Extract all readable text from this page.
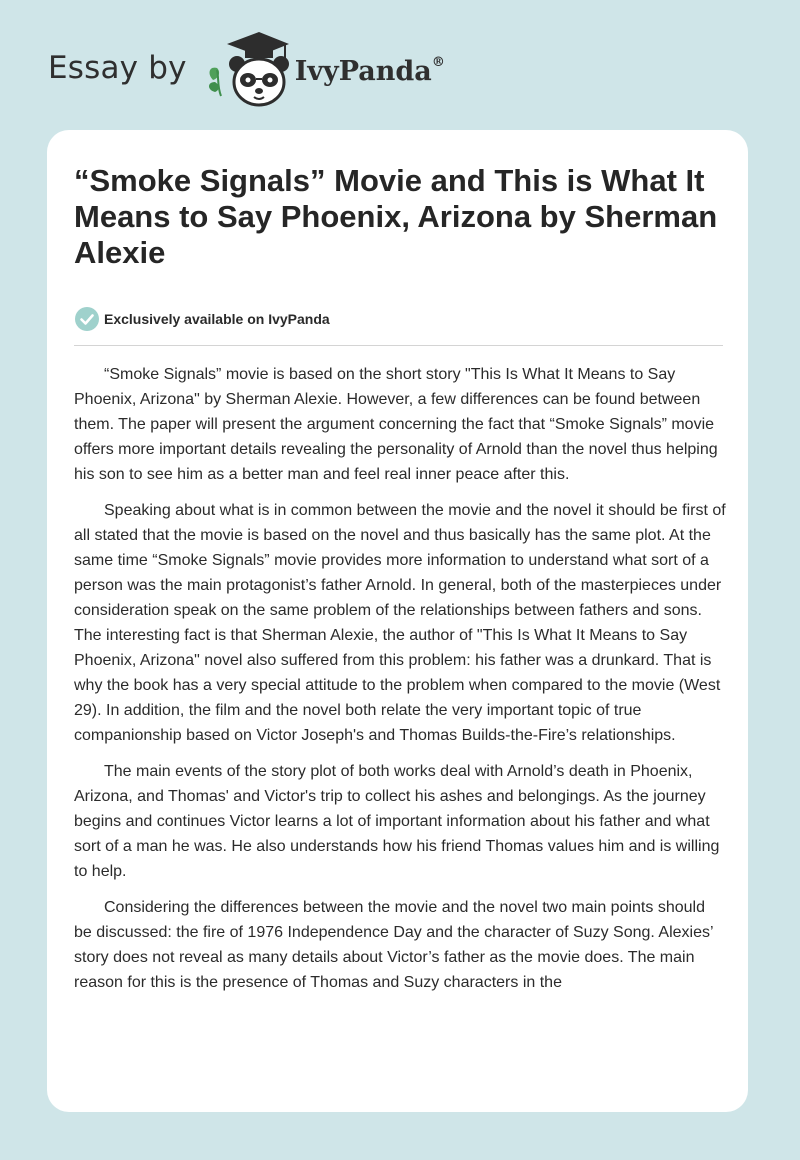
Essay by	IvyPanda®
“Smoke Signals” Movie and This is What It Means to Say Phoenix, Arizona by Sherman Alexie
Exclusively available on IvyPanda

“Smoke Signals” movie is based on the short story "This Is What It Means to Say Phoenix, Arizona" by Sherman Alexie. However, a few differences can be found between them. The paper will present the argument concerning the fact that “Smoke Signals” movie offers more important details revealing the personality of Arnold than the novel thus helping his son to see him as a better man and feel real inner peace after this.

Speaking about what is in common between the movie and the novel it should be first of all stated that the movie is based on the novel and thus basically has the same plot. At the same time “Smoke Signals” movie provides more information to understand what sort of a person was the main protagonist’s father Arnold. In general, both of the masterpieces under consideration speak on the same problem of the relationships between fathers and sons. The interesting fact is that Sherman Alexie, the author of "This Is What It Means to Say Phoenix, Arizona" novel also suffered from this problem: his father was a drunkard. That is why the book has a very special attitude to the problem when compared to the movie (West 29). In addition, the film and the novel both relate the very important topic of true companionship based on Victor Joseph's and Thomas Builds-the-Fire’s relationships.

The main events of the story plot of both works deal with Arnold’s death in Phoenix, Arizona, and Thomas' and Victor's trip to collect his ashes and belongings. As the journey begins and continues Victor learns a lot of important information about his father and what sort of a man he was. He also understands how his friend Thomas values him and is willing to help.

Considering the differences between the movie and the novel two main points should be discussed: the fire of 1976 Independence Day and the character of Suzy Song. Alexies’ story does not reveal as many details about Victor’s father as the movie does. The main reason for this is the presence of Thomas and Suzy characters in the
